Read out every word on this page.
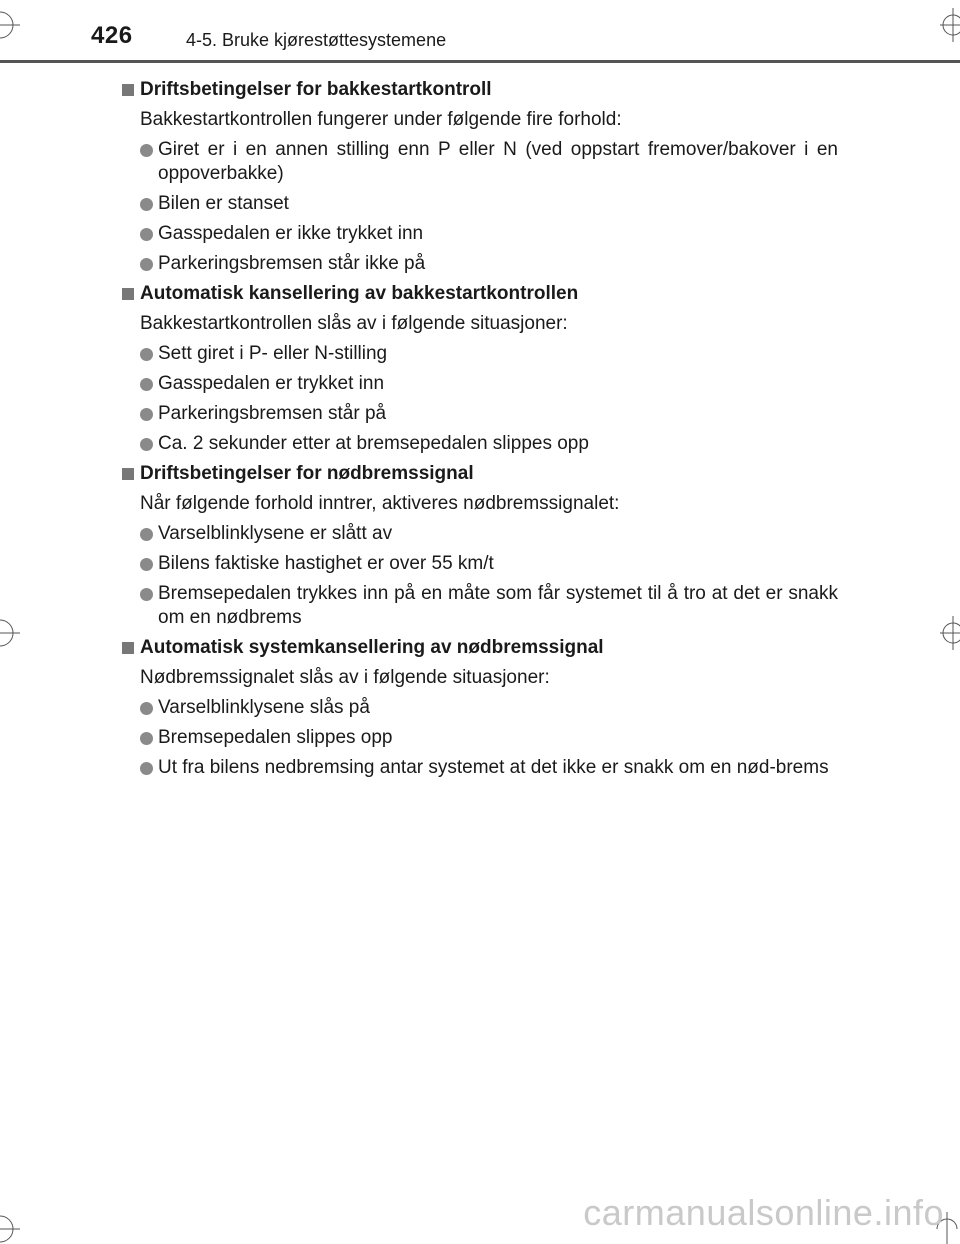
426	4-5. Bruke kjørestøttesystemene
Driftsbetingelser for bakkestartkontroll
Bakkestartkontrollen fungerer under følgende fire forhold:
Giret er i en annen stilling enn P eller N (ved oppstart fremover/bakover i en oppoverbakke)
Bilen er stanset
Gasspedalen er ikke trykket inn
Parkeringsbremsen står ikke på
Automatisk kansellering av bakkestartkontrollen
Bakkestartkontrollen slås av i følgende situasjoner:
Sett giret i P- eller N-stilling
Gasspedalen er trykket inn
Parkeringsbremsen står på
Ca. 2 sekunder etter at bremsepedalen slippes opp
Driftsbetingelser for nødbremssignal
Når følgende forhold inntrer, aktiveres nødbremssignalet:
Varselblinklysene er slått av
Bilens faktiske hastighet er over 55 km/t
Bremsepedalen trykkes inn på en måte som får systemet til å tro at det er snakk om en nødbrems
Automatisk systemkansellering av nødbremssignal
Nødbremssignalet slås av i følgende situasjoner:
Varselblinklysene slås på
Bremsepedalen slippes opp
Ut fra bilens nedbremsing antar systemet at det ikke er snakk om en nød-brems
carmanualsonline.info
